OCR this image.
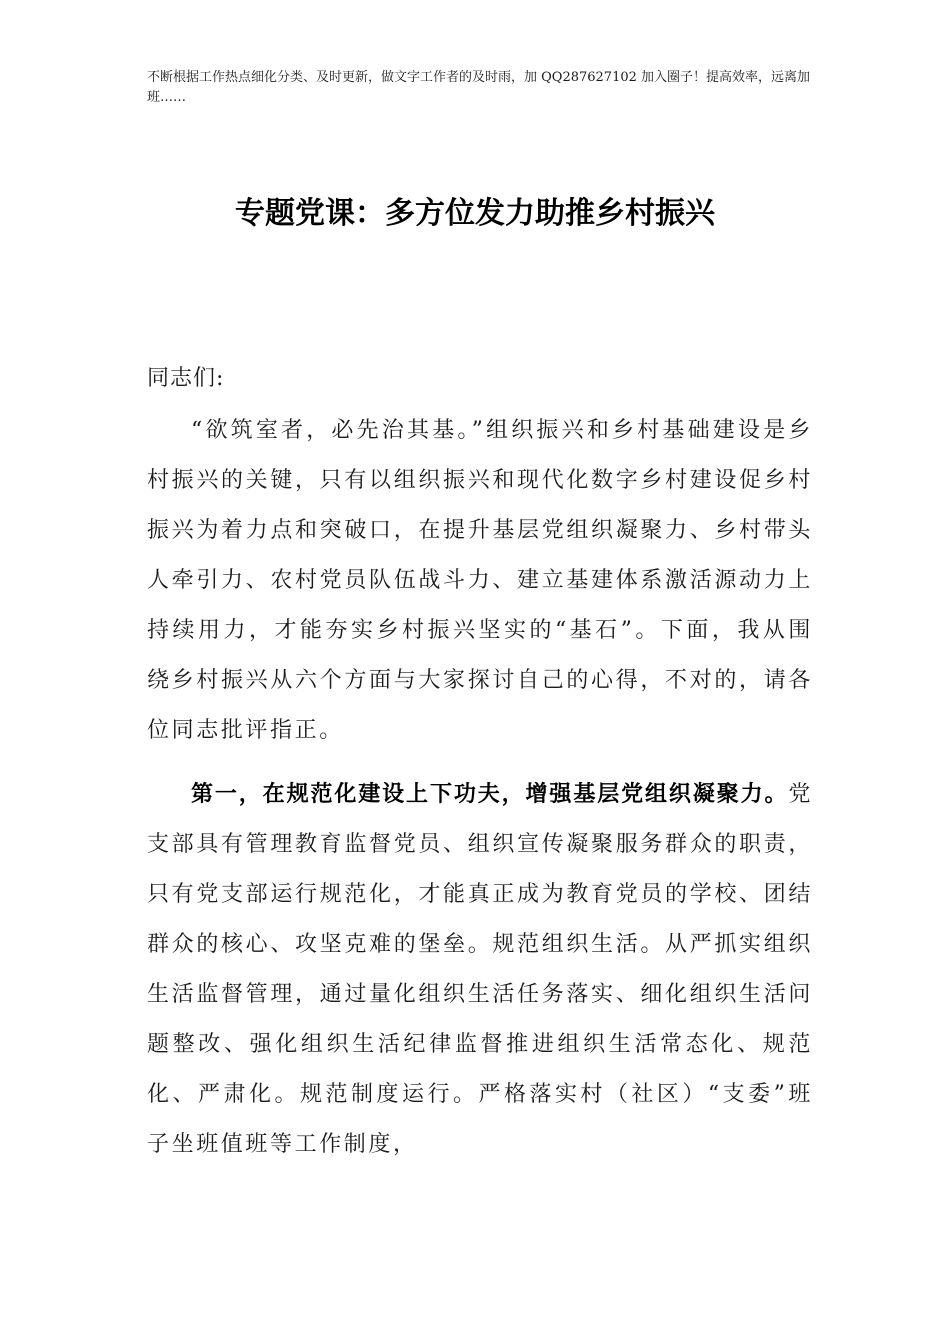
不断根据工作热点细化分类、及时更新，做文字工作者的及时雨，加 QQ287627102 加入圈子！提高效率，远离加班……
专题党课：多方位发力助推乡村振兴

同志们:

“欲筑室者，必先治其基。”组织振兴和乡村基础建设是乡村振兴的关键，只有以组织振兴和现代化数字乡村建设促乡村振兴为着力点和突破口，在提升基层党组织凝聚力、乡村带头人牵引力、农村党员队伍战斗力、建立基建体系激活源动力上持续用力，才能夯实乡村振兴坚实的“基石”。下面，我从围绕乡村振兴从六个方面与大家探讨自己的心得，不对的，请各位同志批评指正。

第一，在规范化建设上下功夫，增强基层党组织凝聚力。党支部具有管理教育监督党员、组织宣传凝聚服务群众的职责，只有党支部运行规范化，才能真正成为教育党员的学校、团结群众的核心、攻坚克难的堡垒。规范组织生活。从严抓实组织生活监督管理，通过量化组织生活任务落实、细化组织生活问题整改、强化组织生活纪律监督推进组织生活常态化、规范化、严肃化。规范制度运行。严格落实村（社区）“支委”班子坐班值班等工作制度，
